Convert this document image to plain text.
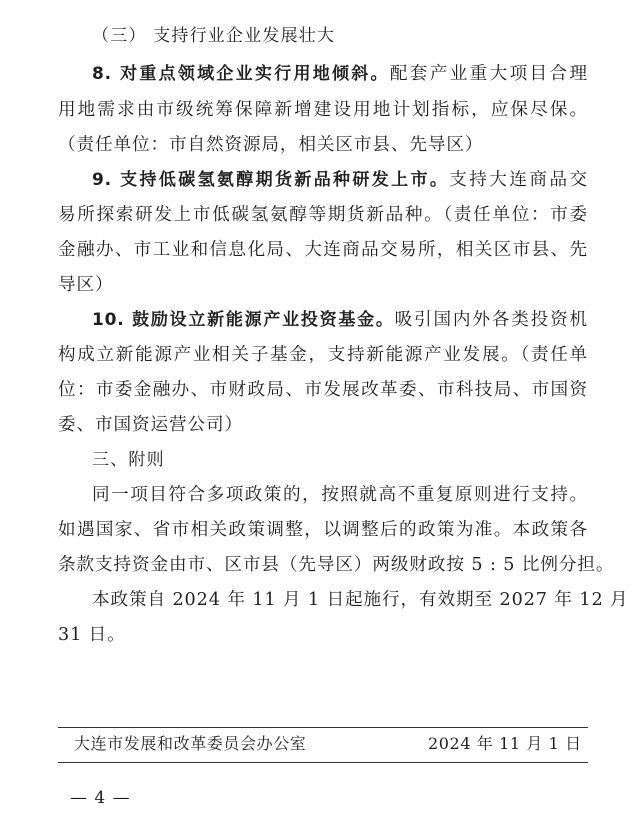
（三） 支持行业企业发展壮大
8. 对重点领域企业实行用地倾斜。配套产业重大项目合理
用地需求由市级统筹保障新增建设用地计划指标，应保尽保。
（责任单位：市自然资源局，相关区市县、先导区）
9. 支持低碳氢氨醇期货新品种研发上市。支持大连商品交
易所探索研发上市低碳氢氨醇等期货新品种。（责任单位：市委
金融办、市工业和信息化局、大连商品交易所，相关区市县、先
导区）
10. 鼓励设立新能源产业投资基金。吸引国内外各类投资机
构成立新能源产业相关子基金，支持新能源产业发展。（责任单
位：市委金融办、市财政局、市发展改革委、市科技局、市国资
委、市国资运营公司）
三、附则
同一项目符合多项政策的，按照就高不重复原则进行支持。
如遇国家、省市相关政策调整，以调整后的政策为准。本政策各
条款支持资金由市、区市县（先导区）两级财政按 5 : 5 比例分担。
本政策自 2024 年 11 月 1 日起施行，有效期至 2027 年 12 月
31 日。
大连市发展和改革委员会办公室	2024 年 11 月 1 日
— 4 —
